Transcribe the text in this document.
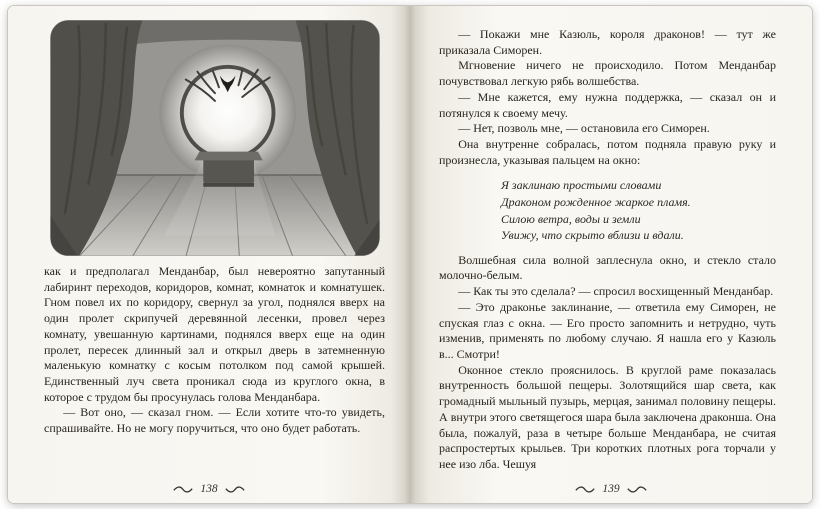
как и предполагал Менданбар, был невероятно запутанный лабиринт переходов, коридоров, комнат, комнаток и комнатушек. Гном повел их по коридору, свернул за угол, поднялся вверх на один пролет скрипучей деревянной лесенки, провел через комнату, увешанную картинами, поднялся вверх еще на один пролет, пересек длинный зал и открыл дверь в затемненную маленькую комнатку с косым потолком под самой крышей. Единственный луч света проникал сюда из круглого окна, в которое с трудом бы просунулась голова Менданбара.

— Вот оно, — сказал гном. — Если хотите что-то увидеть, спрашивайте. Но не могу поручиться, что оно будет работать.

138

— Покажи мне Казюль, короля драконов! — тут же приказала Симорен.

Мгновение ничего не происходило. Потом Менданбар почувствовал легкую рябь волшебства.

— Мне кажется, ему нужна поддержка, — сказал он и потянулся к своему мечу.

— Нет, позволь мне, — остановила его Симорен.

Она внутренне собралась, потом подняла правую руку и произнесла, указывая пальцем на окно:

Я заклинаю простыми словами
Драконом рожденное жаркое пламя.
Силою ветра, воды и земли
Увижу, что скрыто вблизи и вдали.

Волшебная сила волной заплеснула окно, и стекло стало молочно-белым.

— Как ты это сделала? — спросил восхищенный Менданбар.

— Это драконье заклинание, — ответила ему Симорен, не спуская глаз с окна. — Его просто запомнить и нетрудно, чуть изменив, применять по любому случаю. Я нашла его у Казюль в... Смотри!

Оконное стекло прояснилось. В круглой раме показалась внутренность большой пещеры. Золотящийся шар света, как громадный мыльный пузырь, мерцая, занимал половину пещеры. А внутри этого светящегося шара была заключена драконша. Она была, пожалуй, раза в четыре больше Менданбара, не считая распростертых крыльев. Три коротких плотных рога торчали у нее изо лба. Чешуя

139
